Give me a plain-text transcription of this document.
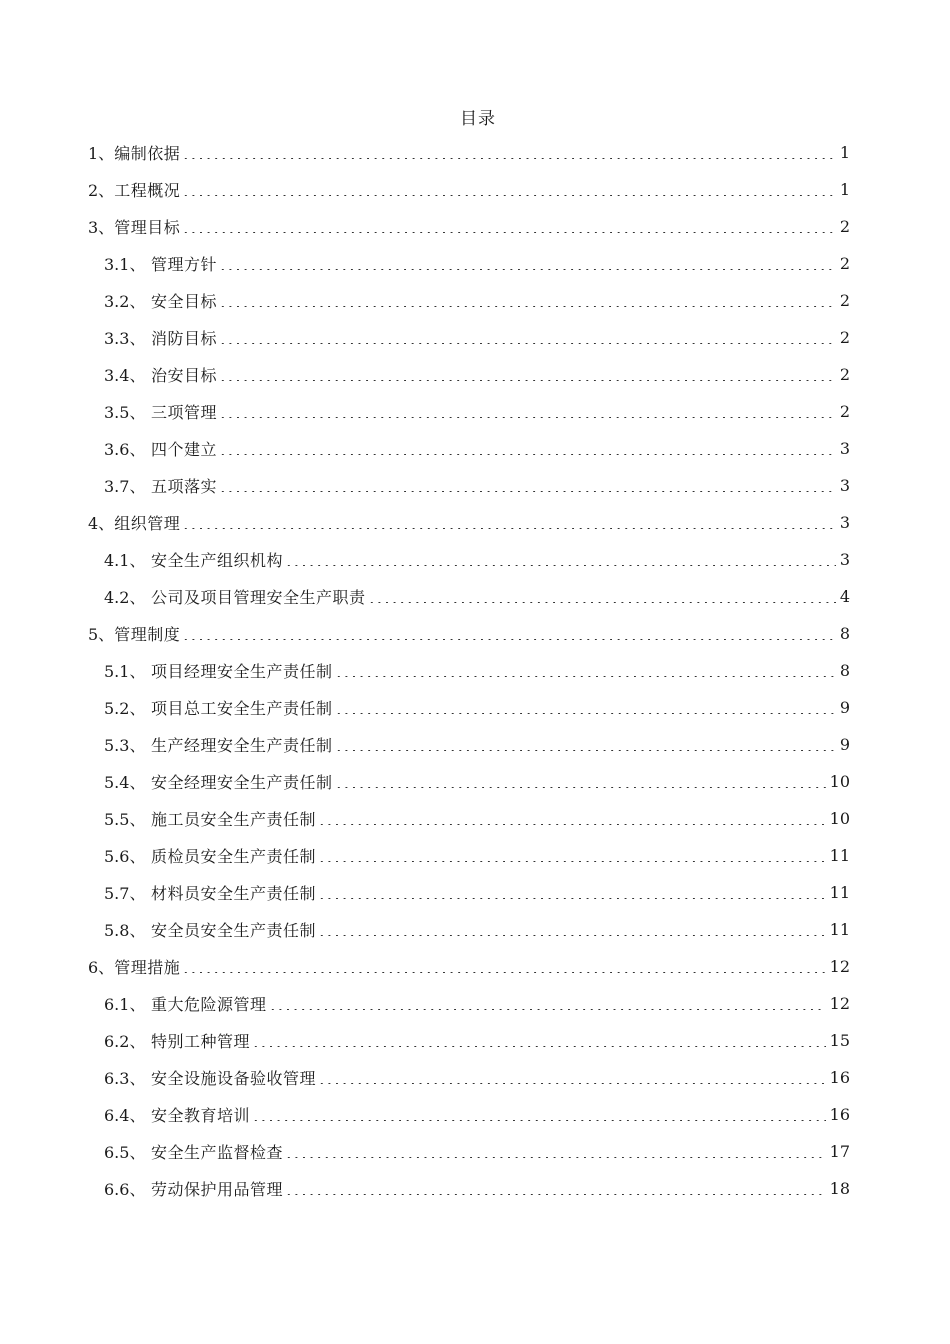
目录
1、 编制依据	1
2、 工程概况	1
3、 管理目标	2
3.1、 管理方针	2
3.2、 安全目标	2
3.3、 消防目标	2
3.4、 治安目标	2
3.5、 三项管理	2
3.6、 四个建立	3
3.7、 五项落实	3
4、 组织管理	3
4.1、 安全生产组织机构	3
4.2、 公司及项目管理安全生产职责	4
5、 管理制度	8
5.1、 项目经理安全生产责任制	8
5.2、 项目总工安全生产责任制	9
5.3、 生产经理安全生产责任制	9
5.4、 安全经理安全生产责任制	10
5.5、 施工员安全生产责任制	10
5.6、 质检员安全生产责任制	11
5.7、 材料员安全生产责任制	11
5.8、 安全员安全生产责任制	11
6、 管理措施	12
6.1、 重大危险源管理	12
6.2、 特别工种管理	15
6.3、 安全设施设备验收管理	16
6.4、 安全教育培训	16
6.5、 安全生产监督检查	17
6.6、 劳动保护用品管理	18
